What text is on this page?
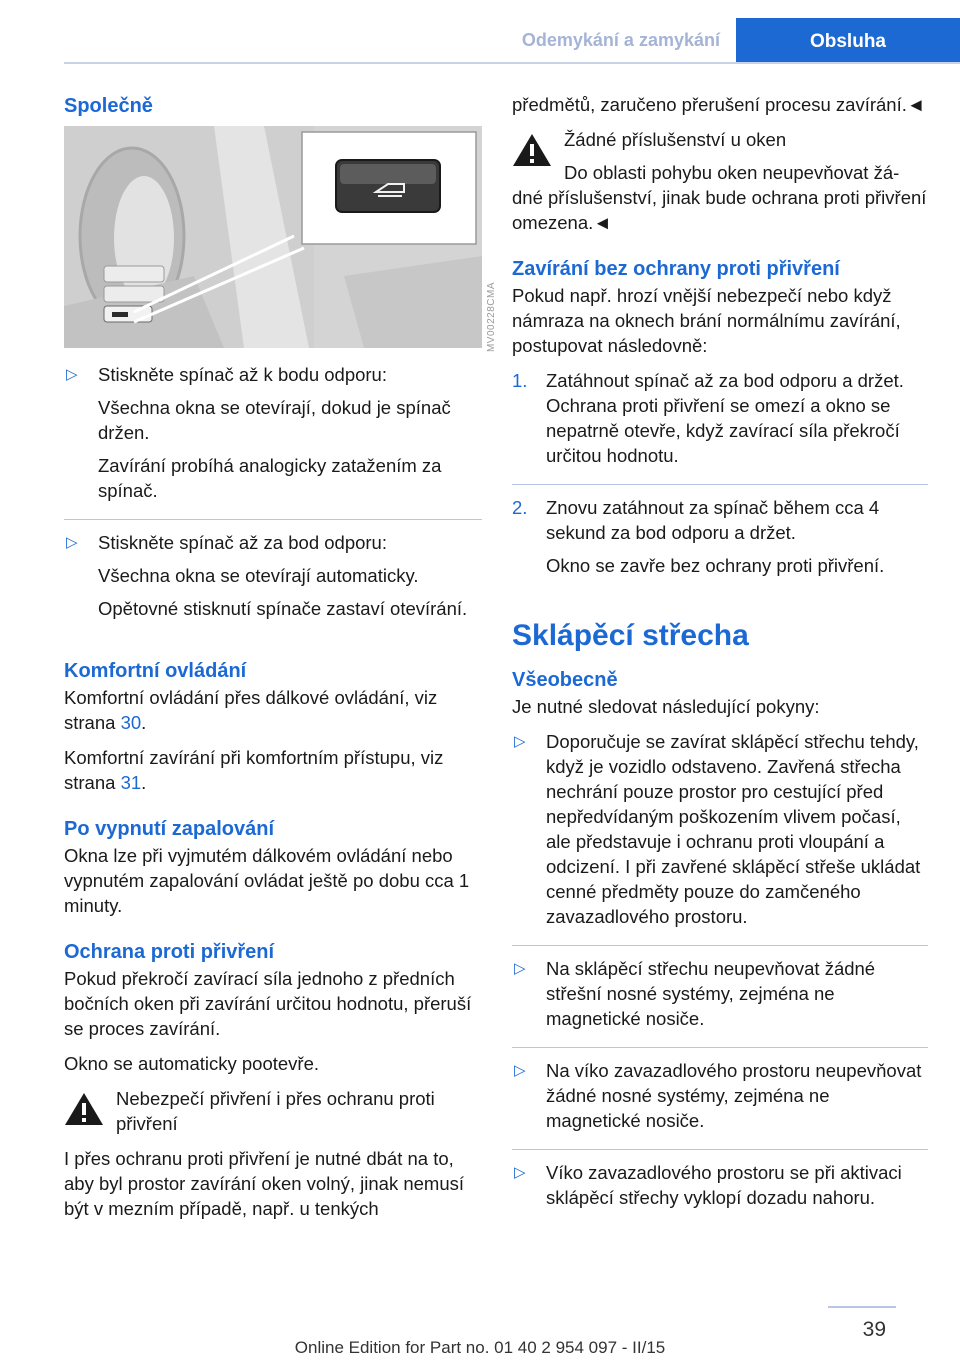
Odemykání a zamykání	Obsluha
Společně
▷ Stiskněte spínač až k bodu odporu:

Všechna okna se otevírají, dokud je spínač držen.

Zavírání probíhá analogicky zatažením za spínač.

▷ Stiskněte spínač až za bod odporu:

Všechna okna se otevírají automaticky.

Opětovné stisknutí spínače zastaví otevírání.

Komfortní ovládání

Komfortní ovládání přes dálkové ovládání, viz strana 30.

Komfortní zavírání při komfortním přístupu, viz strana 31.

Po vypnutí zapalování

Okna lze při vyjmutém dálkovém ovládání nebo vypnutém zapalování ovládat ještě po dobu cca 1 minuty.

Ochrana proti přivření

Pokud překročí zavírací síla jednoho z předních bočních oken při zavírání určitou hodnotu, přeruší se proces zavírání.

Okno se automaticky pootevře.

Nebezpečí přivření i přes ochranu proti přivření

I přes ochranu proti přivření je nutné dbát na to, aby byl prostor zavírání oken volný, jinak nemusí být v mezním případě, např. u tenkých

MV00228CMA

předmětů, zaručeno přerušení procesu zavírání.◄

Žádné příslušenství u oken

Do oblasti pohybu oken neupevňovat žá-

dné příslušenství, jinak bude ochrana proti přivření omezena.◄

Zavírání bez ochrany proti přivření

Pokud např. hrozí vnější nebezpečí nebo když námraza na oknech brání normálnímu zavírání, postupovat následovně:

1. Zatáhnout spínač až za bod odporu a držet. Ochrana proti přivření se omezí a okno se nepatrně otevře, když zavírací síla překročí určitou hodnotu.

2. Znovu zatáhnout za spínač během cca 4 sekund za bod odporu a držet.

Okno se zavře bez ochrany proti přivření.

Sklápěcí střecha
Všeobecně

Je nutné sledovat následující pokyny:

▷ Doporučuje se zavírat sklápěcí střechu tehdy, když je vozidlo odstaveno. Zavřená střecha nechrání pouze prostor pro cestující před nepředvídaným poškozením vlivem počasí, ale představuje i ochranu proti vloupání a odcizení. I při zavřené sklápěcí střeše ukládat cenné předměty pouze do zamčeného zavazadlového prostoru.

▷ Na sklápěcí střechu neupevňovat žádné střešní nosné systémy, zejména ne magnetické nosiče.

▷ Na víko zavazadlového prostoru neupevňovat žádné nosné systémy, zejména ne magnetické nosiče.

▷ Víko zavazadlového prostoru se při aktivaci sklápěcí střechy vyklopí dozadu nahoru.

39
Online Edition for Part no. 01 40 2 954 097 - II/15
